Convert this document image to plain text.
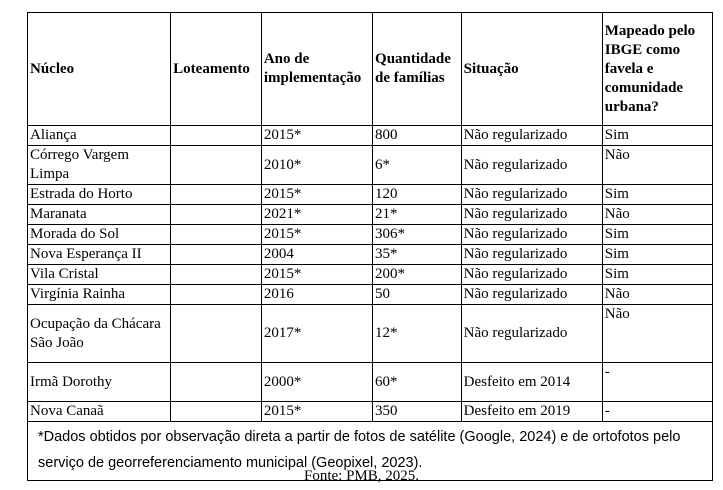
Núcleo	Loteamento	Ano de implementação	Quantidade de famílias	Situação	Mapeado pelo IBGE como favela e comunidade urbana?
Aliança		2015*	800	Não regularizado	Sim
Córrego Vargem Limpa		2010*	6*	Não regularizado	Não
Estrada do Horto		2015*	120	Não regularizado	Sim
Maranata		2021*	21*	Não regularizado	Não
Morada do Sol		2015*	306*	Não regularizado	Sim
Nova Esperança II		2004	35*	Não regularizado	Sim
Vila Cristal		2015*	200*	Não regularizado	Sim
Virgínia Rainha		2016	50	Não regularizado	Não
Ocupação da Chácara São João		2017*	12*	Não regularizado	Não
Irmã Dorothy		2000*	60*	Desfeito em 2014	-
Nova Canaã		2015*	350	Desfeito em 2019	-
*Dados obtidos por observação direta a partir de fotos de satélite (Google, 2024) e de ortofotos pelo serviço de georreferenciamento municipal (Geopixel, 2023).					
Fonte: PMB, 2025.
